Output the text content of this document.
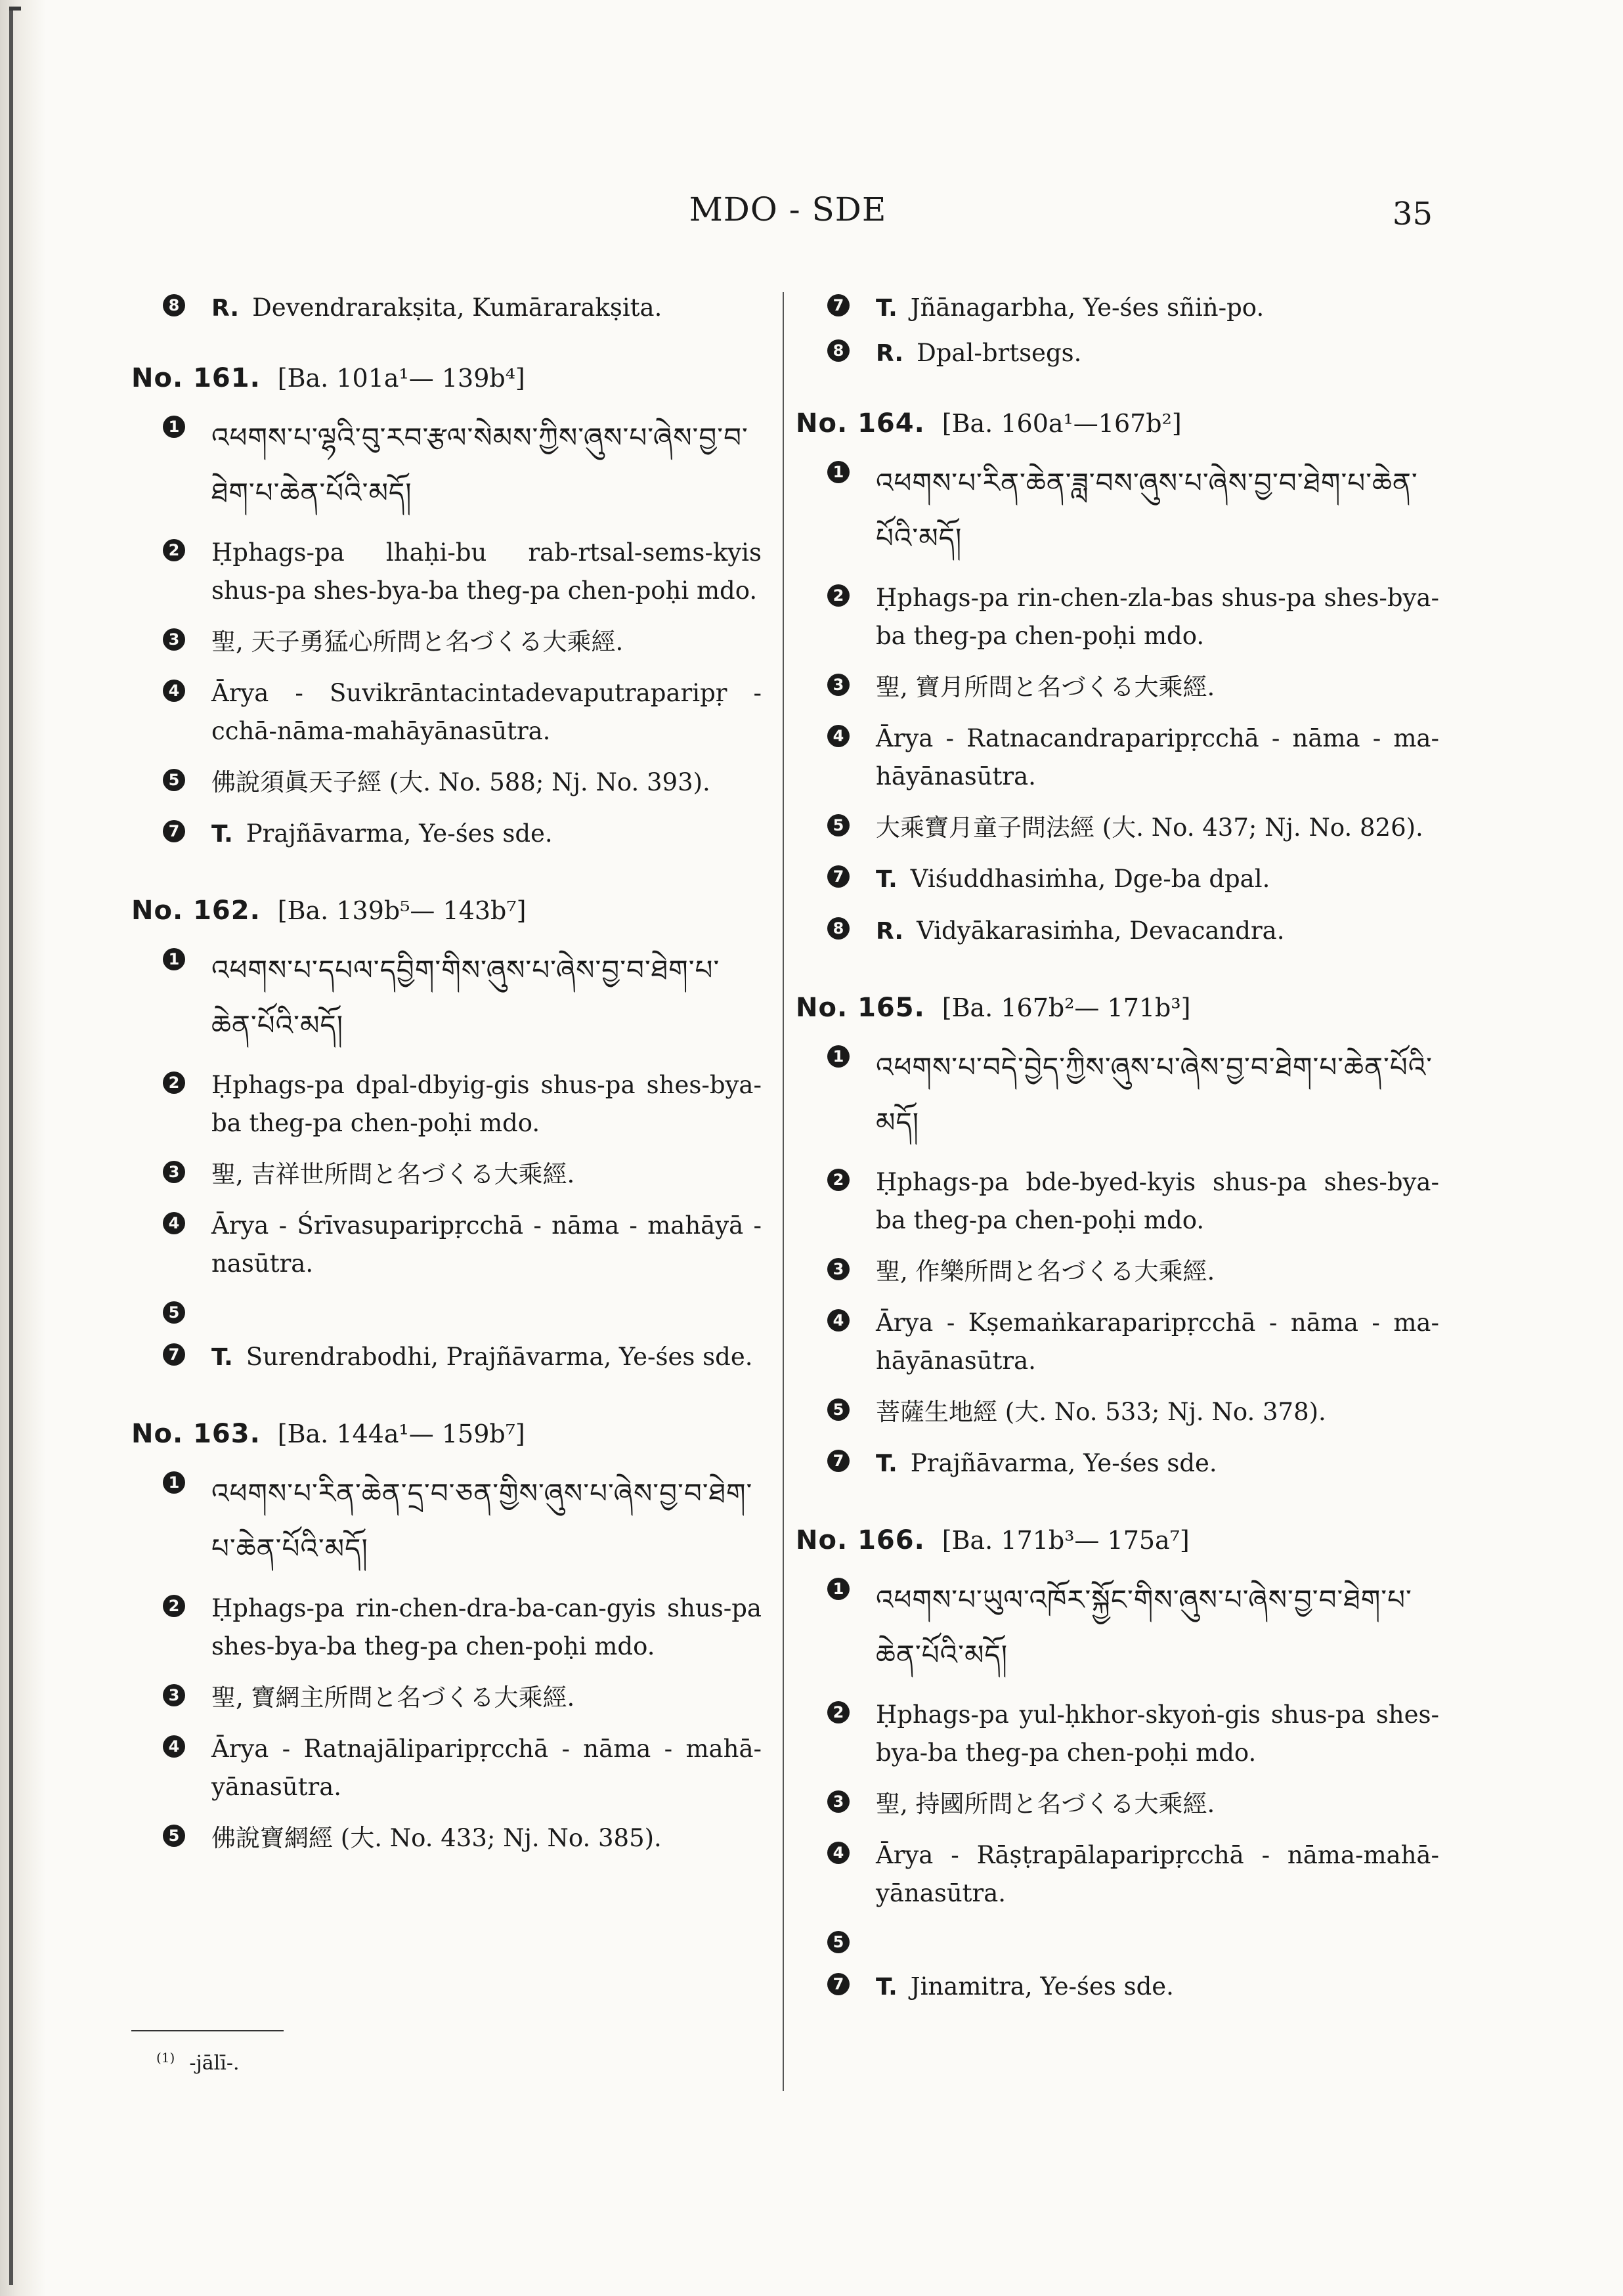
MDO - SDE	35
8 R. Devendrarakṣita, Kumārarakṣita.
No. 161. [Ba. 101a¹— 139b⁴]
1 འཕགས་པ་ལྷའི་བུ་རབ་རྩལ་སེམས་ཀྱིས་ཞུས་པ་ཞེས་བྱ་བ་ཐེག་པ་ཆེན་པོའི་མདོ།
2 Ḥphags-pa lhaḥi-bu rab-rtsal-sems-kyis shus-pa shes-bya-ba theg-pa chen-poḥi mdo.
3 聖, 天子勇猛心所問と名づくる大乘經.
4 Ārya - Suvikrāntacintadevaputraparipṛ - cchā-nāma-mahāyānasūtra.
5 佛說須眞天子經 (大. No. 588; Nj. No. 393).
7 T. Prajñāvarma, Ye-śes sde.
No. 162. [Ba. 139b⁵— 143b⁷]
1 འཕགས་པ་དཔལ་དབྱིག་གིས་ཞུས་པ་ཞེས་བྱ་བ་ཐེག་པ་ཆེན་པོའི་མདོ།
2 Ḥphags-pa dpal-dbyig-gis shus-pa shes-bya-ba theg-pa chen-poḥi mdo.
3 聖, 吉祥世所問と名づくる大乘經.
4 Ārya - Śrīvasuparipṛcchā - nāma - mahāyā - nasūtra.
5
7 T. Surendrabodhi, Prajñāvarma, Ye-śes sde.
No. 163. [Ba. 144a¹— 159b⁷]
1 འཕགས་པ་རིན་ཆེན་དྲ་བ་ཅན་གྱིས་ཞུས་པ་ཞེས་བྱ་བ་ཐེག་པ་ཆེན་པོའི་མདོ།
2 Ḥphags-pa rin-chen-dra-ba-can-gyis shus-pa shes-bya-ba theg-pa chen-poḥi mdo.
3 聖, 寶網主所問と名づくる大乘經.
4 Ārya - Ratnajāliparipṛcchā - nāma - mahā- yānasūtra.
5 佛說寶網經 (大. No. 433; Nj. No. 385).
$^{(1)}$ -jālī-.
7 T. Jñānagarbha, Ye-śes sñiṅ-po.
8 R. Dpal-brtsegs.
No. 164. [Ba. 160a¹—167b²]
1 འཕགས་པ་རིན་ཆེན་ཟླ་བས་ཞུས་པ་ཞེས་བྱ་བ་ཐེག་པ་ཆེན་པོའི་མདོ།
2 Ḥphags-pa rin-chen-zla-bas shus-pa shes-bya-ba theg-pa chen-poḥi mdo.
3 聖, 寶月所問と名づくる大乘經.
4 Ārya - Ratnacandraparipṛcchā - nāma - ma- hāyānasūtra.
5 大乘寶月童子問法經 (大. No. 437; Nj. No. 826).
7 T. Viśuddhasiṁha, Dge-ba dpal.
8 R. Vidyākarasiṁha, Devacandra.
No. 165. [Ba. 167b²— 171b³]
1 འཕགས་པ་བདེ་བྱེད་ཀྱིས་ཞུས་པ་ཞེས་བྱ་བ་ཐེག་པ་ཆེན་པོའི་མདོ།
2 Ḥphags-pa bde-byed-kyis shus-pa shes-bya-ba theg-pa chen-poḥi mdo.
3 聖, 作樂所問と名づくる大乘經.
4 Ārya - Kṣemaṅkaraparipṛcchā - nāma - ma- hāyānasūtra.
5 菩薩生地經 (大. No. 533; Nj. No. 378).
7 T. Prajñāvarma, Ye-śes sde.
No. 166. [Ba. 171b³— 175a⁷]
1 འཕགས་པ་ཡུལ་འཁོར་སྐྱོང་གིས་ཞུས་པ་ཞེས་བྱ་བ་ཐེག་པ་ཆེན་པོའི་མདོ།
2 Ḥphags-pa yul-ḥkhor-skyoṅ-gis shus-pa shes-bya-ba theg-pa chen-poḥi mdo.
3 聖, 持國所問と名づくる大乘經.
4 Ārya - Rāṣṭrapālaparipṛcchā - nāma-mahā- yānasūtra.
5
7 T. Jinamitra, Ye-śes sde.
